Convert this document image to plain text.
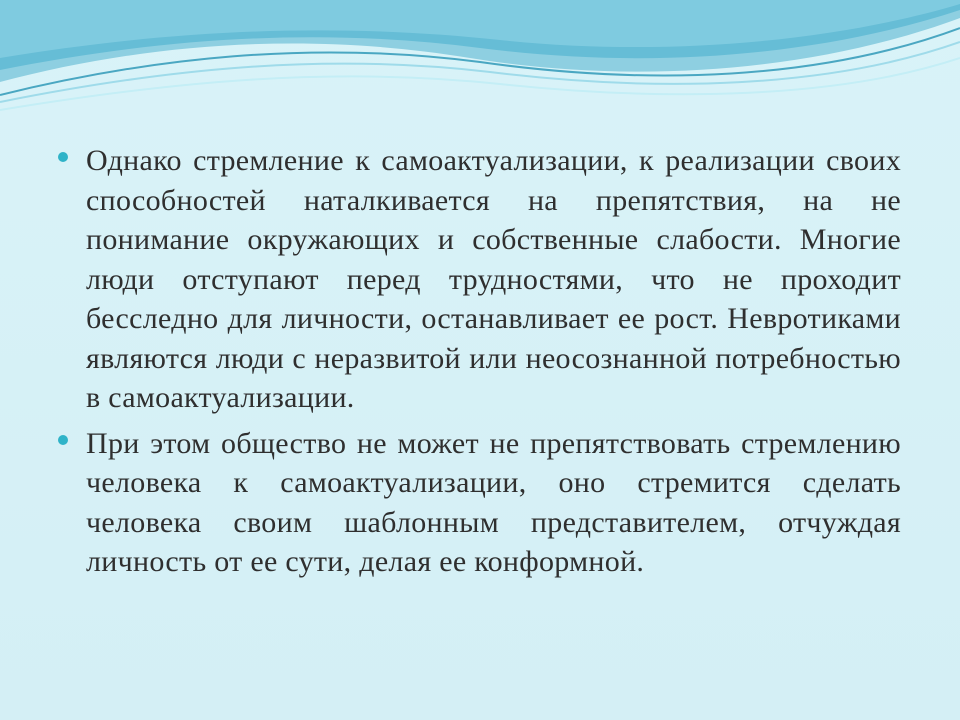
Однако стремление к самоактуализации, к реализации своих способностей наталкивается на препятствия, на не понимание окружающих и собственные слабости. Многие люди отступают перед трудностями, что не проходит бесследно для личности, останавливает ее рост. Невротиками являются люди с неразвитой или неосознанной потребностью в самоактуализации.
При этом общество не может не препятствовать стремлению человека к самоактуализации, оно стремится сделать человека своим шаблонным представителем, отчуждая личность от ее сути, делая ее конформной.
